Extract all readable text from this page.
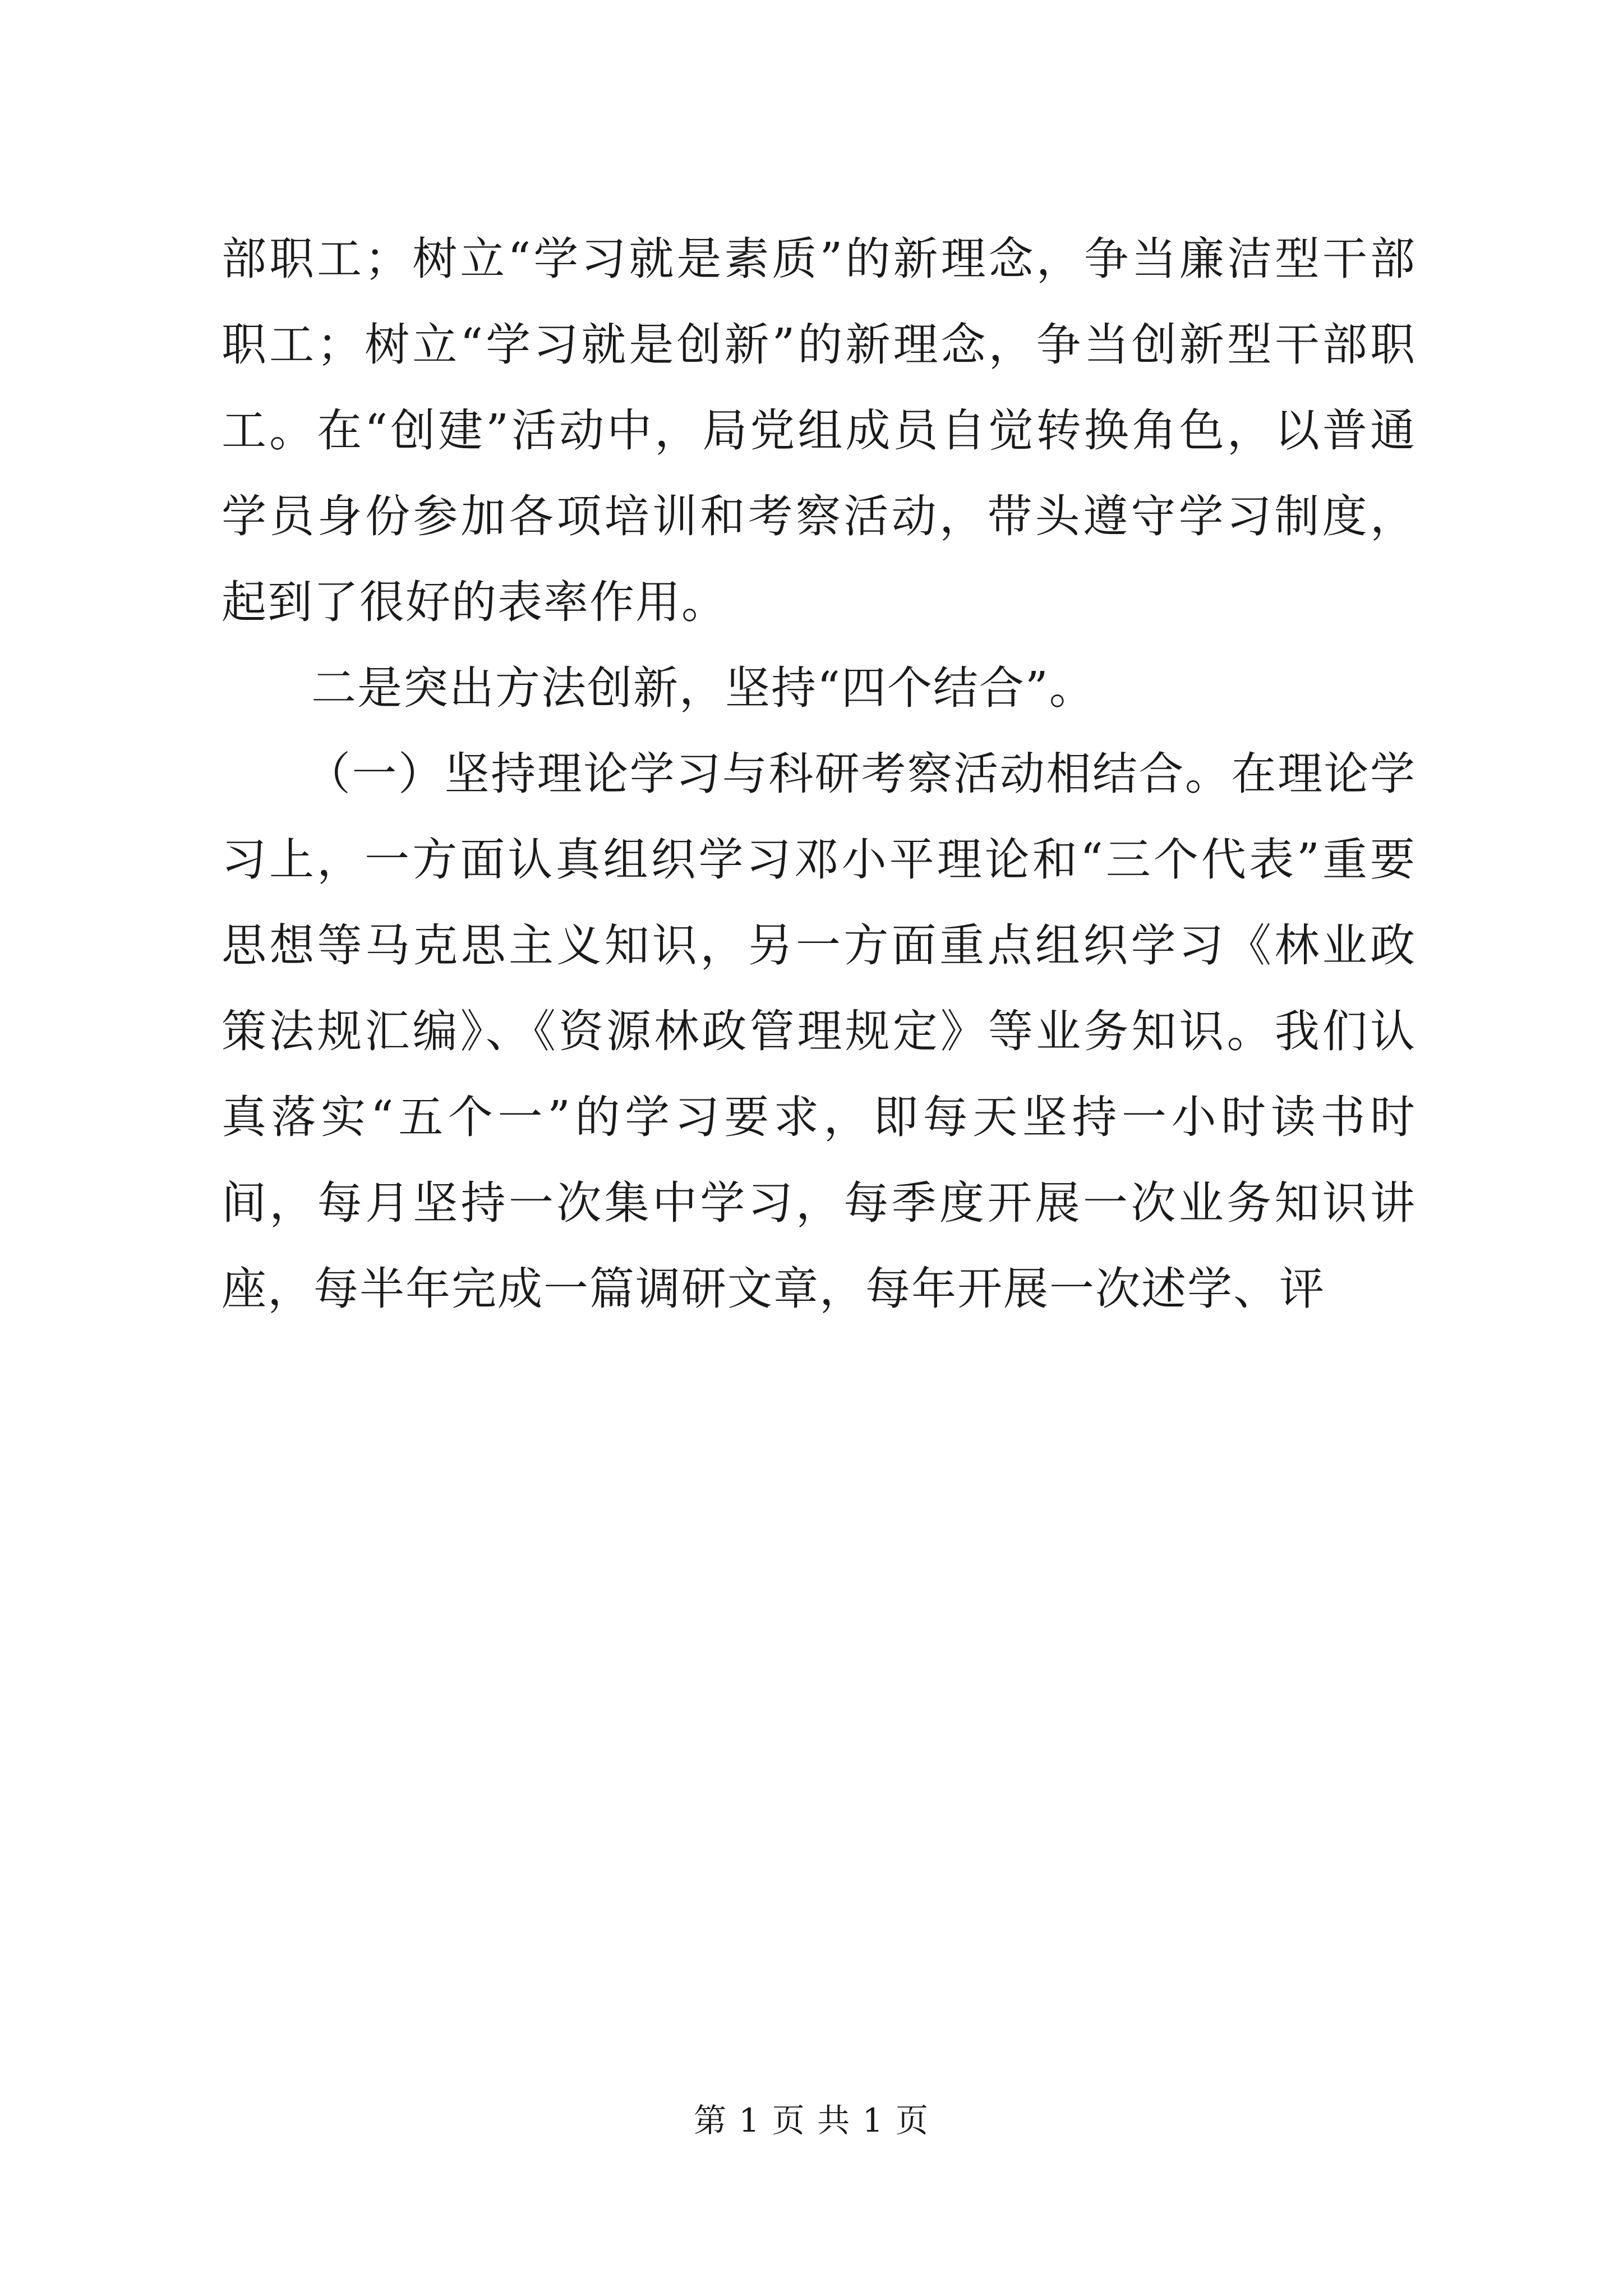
部职工；树立“学习就是素质”的新理念，争当廉洁型干部职工；树立“学习就是创新”的新理念，争当创新型干部职工。在“创建”活动中，局党组成员自觉转换角色，以普通学员身份参加各项培训和考察活动，带头遵守学习制度，起到了很好的表率作用。

二是突出方法创新，坚持“四个结合”。

（一）坚持理论学习与科研考察活动相结合。在理论学习上，一方面认真组织学习邓小平理论和“三个代表”重要思想等马克思主义知识，另一方面重点组织学习《林业政策法规汇编》、《资源林政管理规定》等业务知识。我们认真落实“五个一”的学习要求，即每天坚持一小时读书时间，每月坚持一次集中学习，每季度开展一次业务知识讲座，每半年完成一篇调研文章，每年开展一次述学、评

第 1 页 共 1 页
